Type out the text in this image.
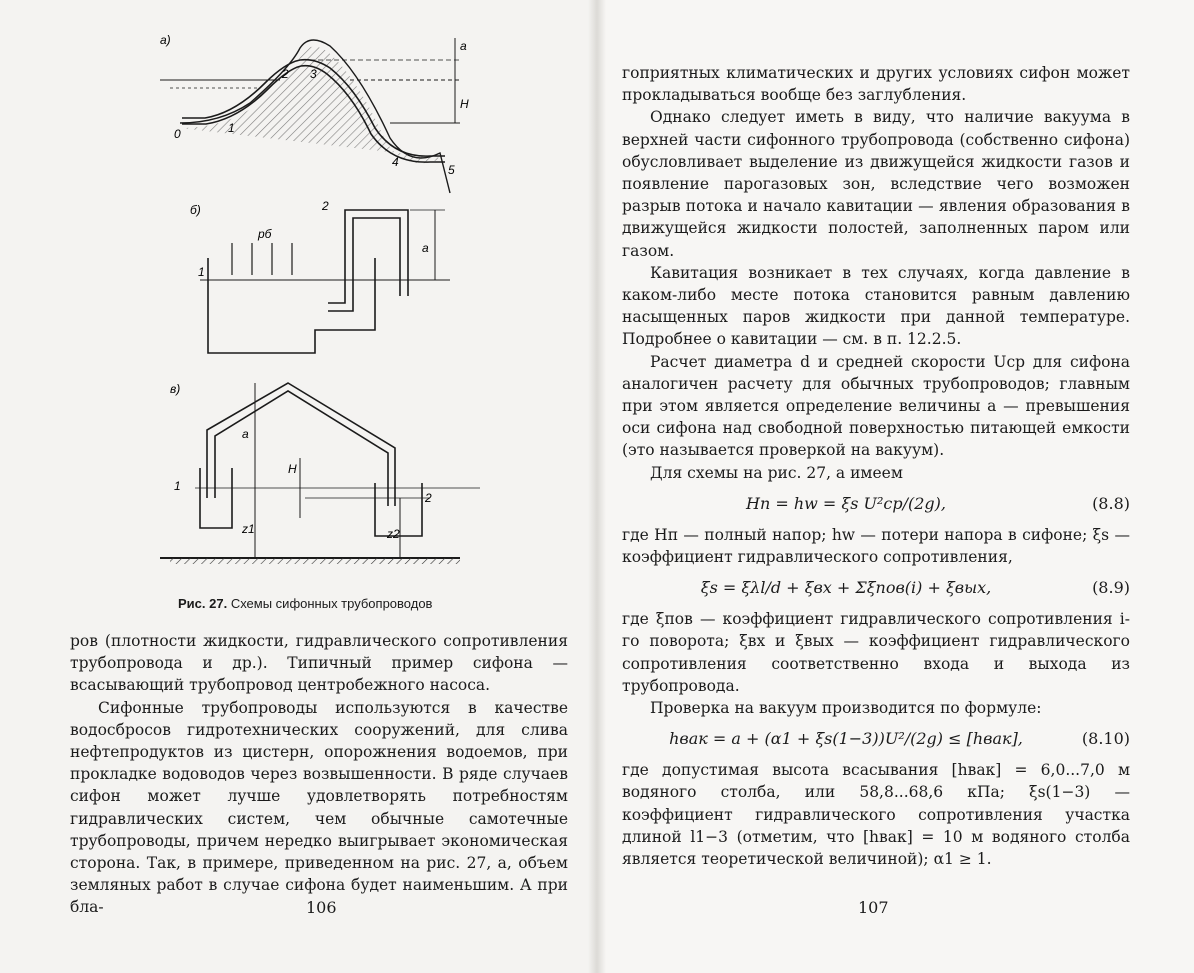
а)	a
H
0	1
2 3
4
5
б)
pб
a
1
2
в)
a
H
1
2
z1	z2
Рис. 27. Схемы сифонных трубопроводов

ров (плотности жидкости, гидравлического сопротивления трубопровода и др.). Типичный пример сифона — всасывающий трубопровод центробежного насоса.

Сифонные трубопроводы используются в качестве водосбросов гидротехнических сооружений, для слива нефтепродуктов из цистерн, опорожнения водоемов, при прокладке водоводов через возвышенности. В ряде случаев сифон может лучше удовлетворять потребностям гидравлических систем, чем обычные самотечные трубопроводы, причем нередко выигрывает экономическая сторона. Так, в примере, приведенном на рис. 27, а, объем земляных работ в случае сифона будет наименьшим. А при бла-	106

гоприятных климатических и других условиях сифон может прокладываться вообще без заглубления.

Однако следует иметь в виду, что наличие вакуума в верхней части сифонного трубопровода (собственно сифона) обусловливает выделение из движущейся жидкости газов и появление парогазовых зон, вследствие чего возможен разрыв потока и начало кавитации — явления образования в движущейся жидкости полостей, заполненных паром или газом.

Кавитация возникает в тех случаях, когда давление в каком-либо месте потока становится равным давлению насыщенных паров жидкости при данной температуре. Подробнее о кавитации — см. в п. 12.2.5.

Расчет диаметра d и средней скорости Uср для сифона аналогичен расчету для обычных трубопроводов; главным при этом является определение величины a — превышения оси сифона над свободной поверхностью питающей емкости (это называется проверкой на вакуум).

Для схемы на рис. 27, а имеем

Hп = hw = ξs U²ср/(2g),	(8.8)

где Hп — полный напор; hw — потери напора в сифоне; ξs — коэффициент гидравлического сопротивления,

ξs = ξλl/d + ξвх + Σξпов(i) + ξвых,	(8.9)

где ξпов — коэффициент гидравлического сопротивления i-го поворота; ξвх и ξвых — коэффициент гидравлического сопротивления соответственно входа и выхода из трубопровода.

Проверка на вакуум производится по формуле:

hвак = a + (α1 + ξs(1−3))U²/(2g) ≤ [hвак],	(8.10)

где допустимая высота всасывания [hвак] = 6,0...7,0 м водяного столба, или 58,8...68,6 кПа; ξs(1−3) — коэффициент гидравлического сопротивления участка длиной l1−3 (отметим, что [hвак] = 10 м водяного столба является теоретической величиной); α1 ≥ 1.

107
